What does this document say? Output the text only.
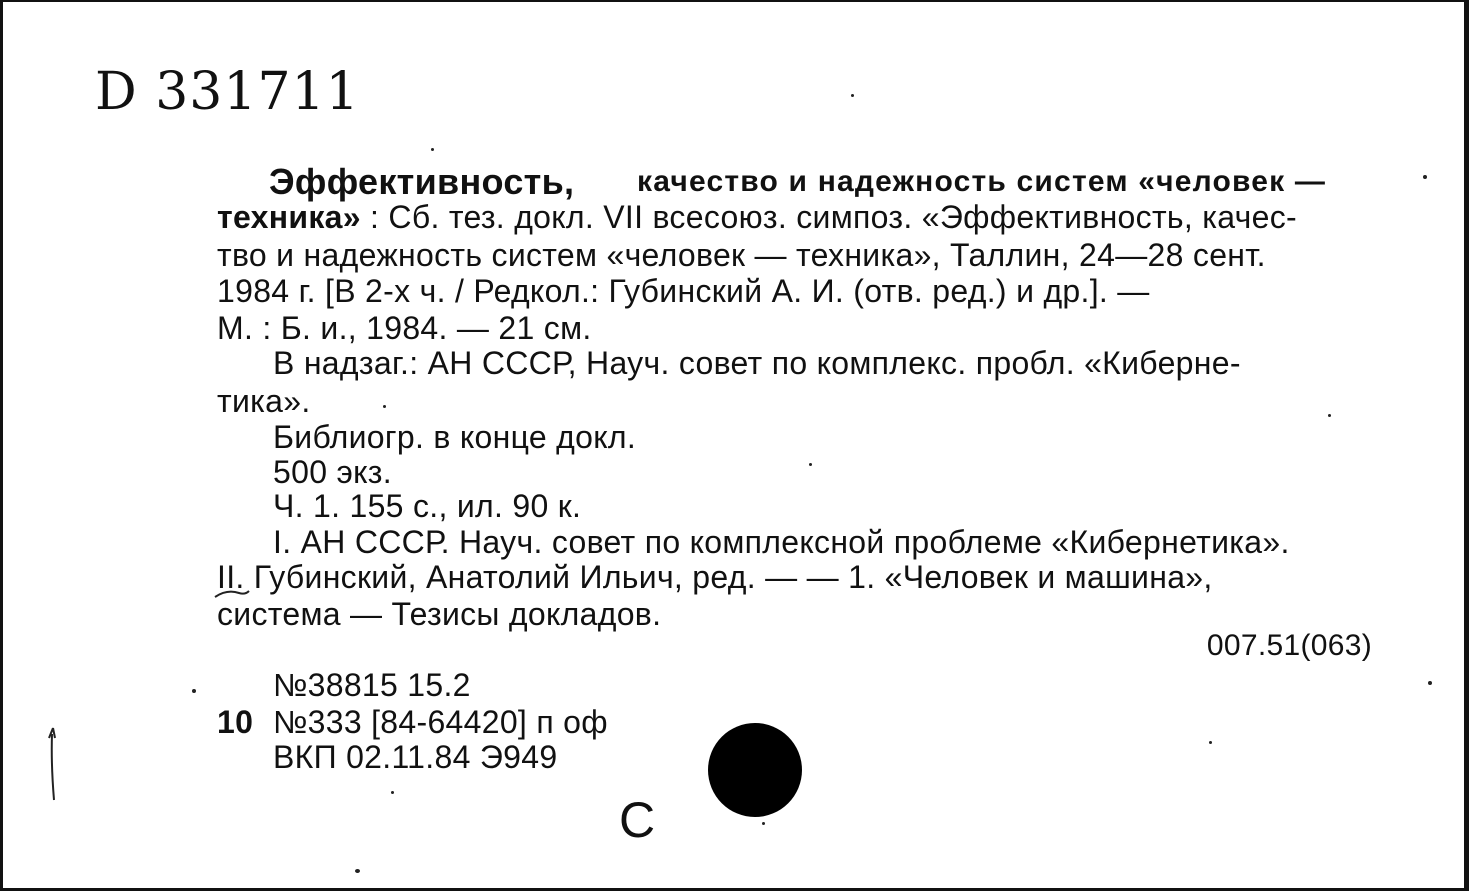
D 331711
Эффективность, качество и надежность систем «человек —
техника» : Сб. тез. докл. VII всесоюз. симпоз. «Эффективность, качес-
тво и надежность систем «человек — техника», Таллин, 24—28 сент.
1984 г. [В 2-х ч. / Редкол.: Губинский А. И. (отв. ред.) и др.]. —
М. : Б. и., 1984. — 21 см.
В надзаг.: АН СССР, Науч. совет по комплекс. пробл. «Киберне-
тика».
Библиогр. в конце докл.
500 экз.
Ч. 1. 155 с., ил. 90 к.
I. АН СССР. Науч. совет по комплексной проблеме «Кибернетика».
II. Губинский, Анатолий Ильич, ред. — — 1. «Человек и машина»,
система — Тезисы докладов.
007.51(063)
№38815 15.2
10 №333 [84-64420] п оф
ВКП 02.11.84 Э949
С
